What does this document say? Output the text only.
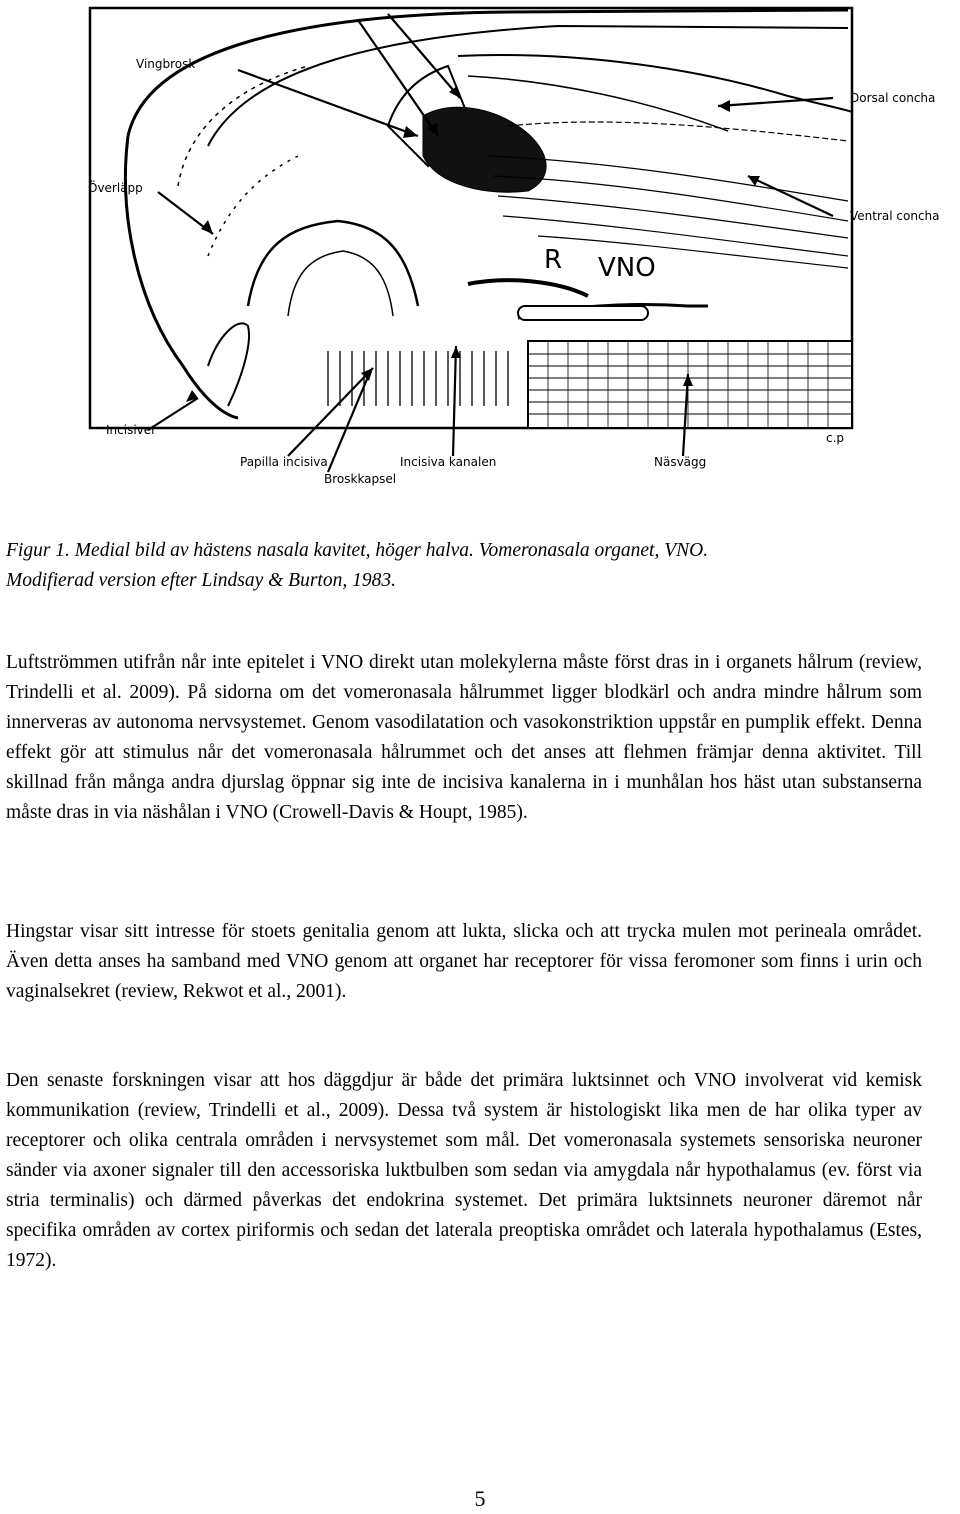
Vingbrosk
Överläpp
Incisiver
Papilla incisiva
Broskkapsel
Incisiva kanalen	Näsvägg
Dorsal concha
Ventral concha
R VNO
c.p
Figur 1. Medial bild av hästens nasala kavitet, höger halva. Vomeronasala organet, VNO.
Modifierad version efter Lindsay & Burton, 1983.

Luftströmmen utifrån når inte epitelet i VNO direkt utan molekylerna måste först dras in i organets hålrum (review, Trindelli et al. 2009). På sidorna om det vomeronasala hålrummet ligger blodkärl och andra mindre hålrum som innerveras av autonoma nervsystemet. Genom vasodilatation och vasokonstriktion uppstår en pumplik effekt. Denna effekt gör att stimulus når det vomeronasala hålrummet och det anses att flehmen främjar denna aktivitet. Till skillnad från många andra djurslag öppnar sig inte de incisiva kanalerna in i munhålan hos häst utan substanserna måste dras in via näshålan i VNO (Crowell-Davis & Houpt, 1985).

Hingstar visar sitt intresse för stoets genitalia genom att lukta, slicka och att trycka mulen mot perineala området. Även detta anses ha samband med VNO genom att organet har receptorer för vissa feromoner som finns i urin och vaginalsekret (review, Rekwot et al., 2001).

Den senaste forskningen visar att hos däggdjur är både det primära luktsinnet och VNO involverat vid kemisk kommunikation (review, Trindelli et al., 2009). Dessa två system är histologiskt lika men de har olika typer av receptorer och olika centrala områden i nervsystemet som mål. Det vomeronasala systemets sensoriska neuroner sänder via axoner signaler till den accessoriska luktbulben som sedan via amygdala når hypothalamus (ev. först via stria terminalis) och därmed påverkas det endokrina systemet. Det primära luktsinnets neuroner däremot når specifika områden av cortex piriformis och sedan det laterala preoptiska området och laterala hypothalamus (Estes, 1972).

5
